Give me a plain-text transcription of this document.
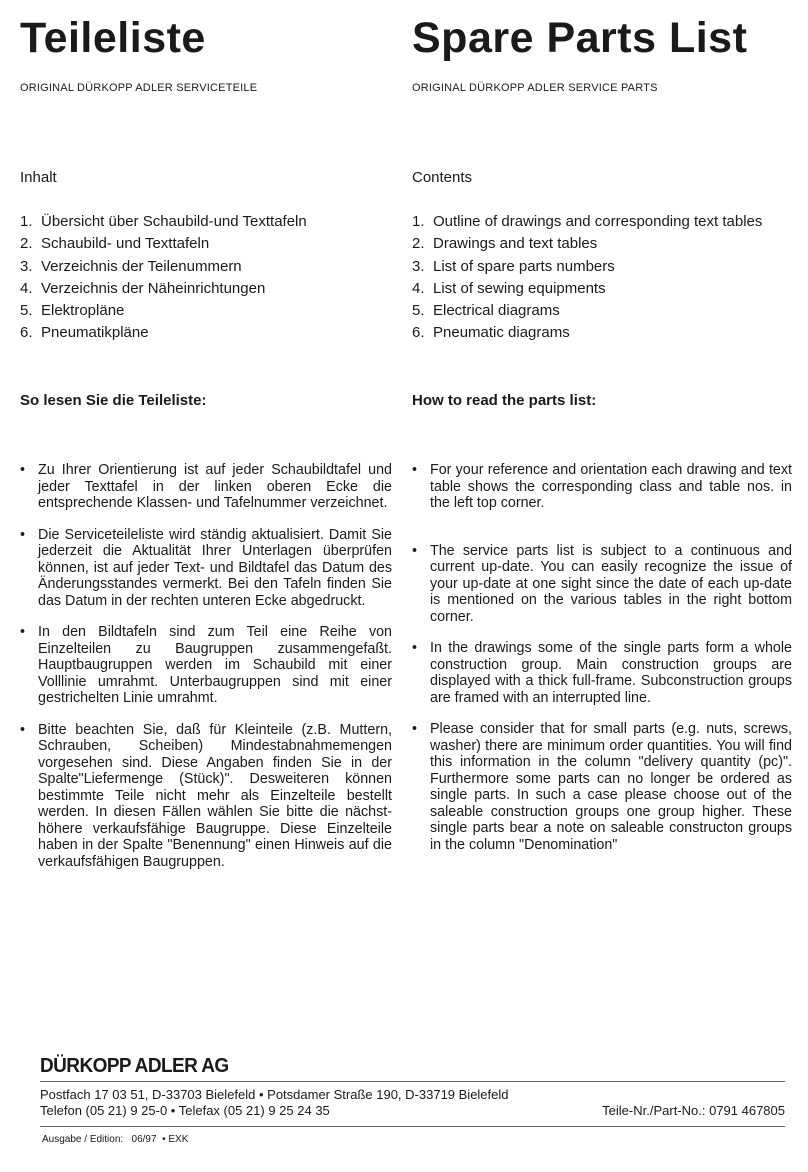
Teileliste
ORIGINAL DÜRKOPP ADLER SERVICETEILE
Inhalt
1. Übersicht über Schaubild-und Texttafeln
2. Schaubild- und Texttafeln
3. Verzeichnis der Teilenummern
4. Verzeichnis der Näheinrichtungen
5. Elektropläne
6. Pneumatikpläne
So lesen Sie die Teileliste:
• Zu Ihrer Orientierung ist auf jeder Schaubildtafel und jeder Texttafel in der linken oberen Ecke die entsprechende Klassen- und Tafelnummer verzeichnet.
• Die Serviceteileliste wird ständig aktualisiert. Damit Sie jederzeit die Aktualität Ihrer Unterlagen überprüfen können, ist auf jeder Text- und Bildtafel das Datum des Änderungsstandes vermerkt. Bei den Tafeln finden Sie das Datum in der rechten unteren Ecke abgedruckt.
• In den Bildtafeln sind zum Teil eine Reihe von Einzelteilen zu Baugruppen zusammengefaßt. Hauptbaugruppen werden im Schaubild mit einer Volllinie umrahmt. Unterbaugruppen sind mit einer gestrichelten Linie umrahmt.
• Bitte beachten Sie, daß für Kleinteile (z.B. Muttern, Schrauben, Scheiben) Mindestabnahmemengen vorgesehen sind. Diese Angaben finden Sie in der Spalte"Liefermenge (Stück)". Desweiteren können bestimmte Teile nicht mehr als Einzelteile bestellt werden. In diesen Fällen wählen Sie bitte die nächst- höhere verkaufsfähige Baugruppe. Diese Einzelteile haben in der Spalte "Benennung" einen Hinweis auf die verkaufsfähigen Baugruppen.
Spare Parts List
ORIGINAL DÜRKOPP ADLER SERVICE PARTS
Contents
1. Outline of drawings and corresponding text tables
2. Drawings and text tables
3. List of spare parts numbers
4. List of sewing equipments
5. Electrical diagrams
6. Pneumatic diagrams
How to read the parts list:
• For your reference and orientation each drawing and text table shows the corresponding class and table nos. in the left top corner.
• The service parts list is subject to a continuous and current up-date. You can easily recognize the issue of your up-date at one sight since the date of each up-date is mentioned on the various tables in the right bottom corner.
• In the drawings some of the single parts form a whole construction group. Main construction groups are displayed with a thick full-frame. Subconstruction groups are framed with an interrupted line.
• Please consider that for small parts (e.g. nuts, screws, washer) there are minimum order quantities. You will find this information in the column "delivery quantity (pc)". Furthermore some parts can no longer be ordered as single parts. In such a case please choose out of the saleable construction groups one group higher. These single parts bear a note on saleable constructon groups in the column "Denomination"
DÜRKOPP ADLER AG
Postfach 17 03 51, D-33703 Bielefeld • Potsdamer Straße 190, D-33719 Bielefeld
Telefon (05 21) 9 25-0 • Telefax (05 21) 9 25 24 35	Teile-Nr./Part-No.: 0791 467805
Ausgabe / Edition: 06/97 • EXK
